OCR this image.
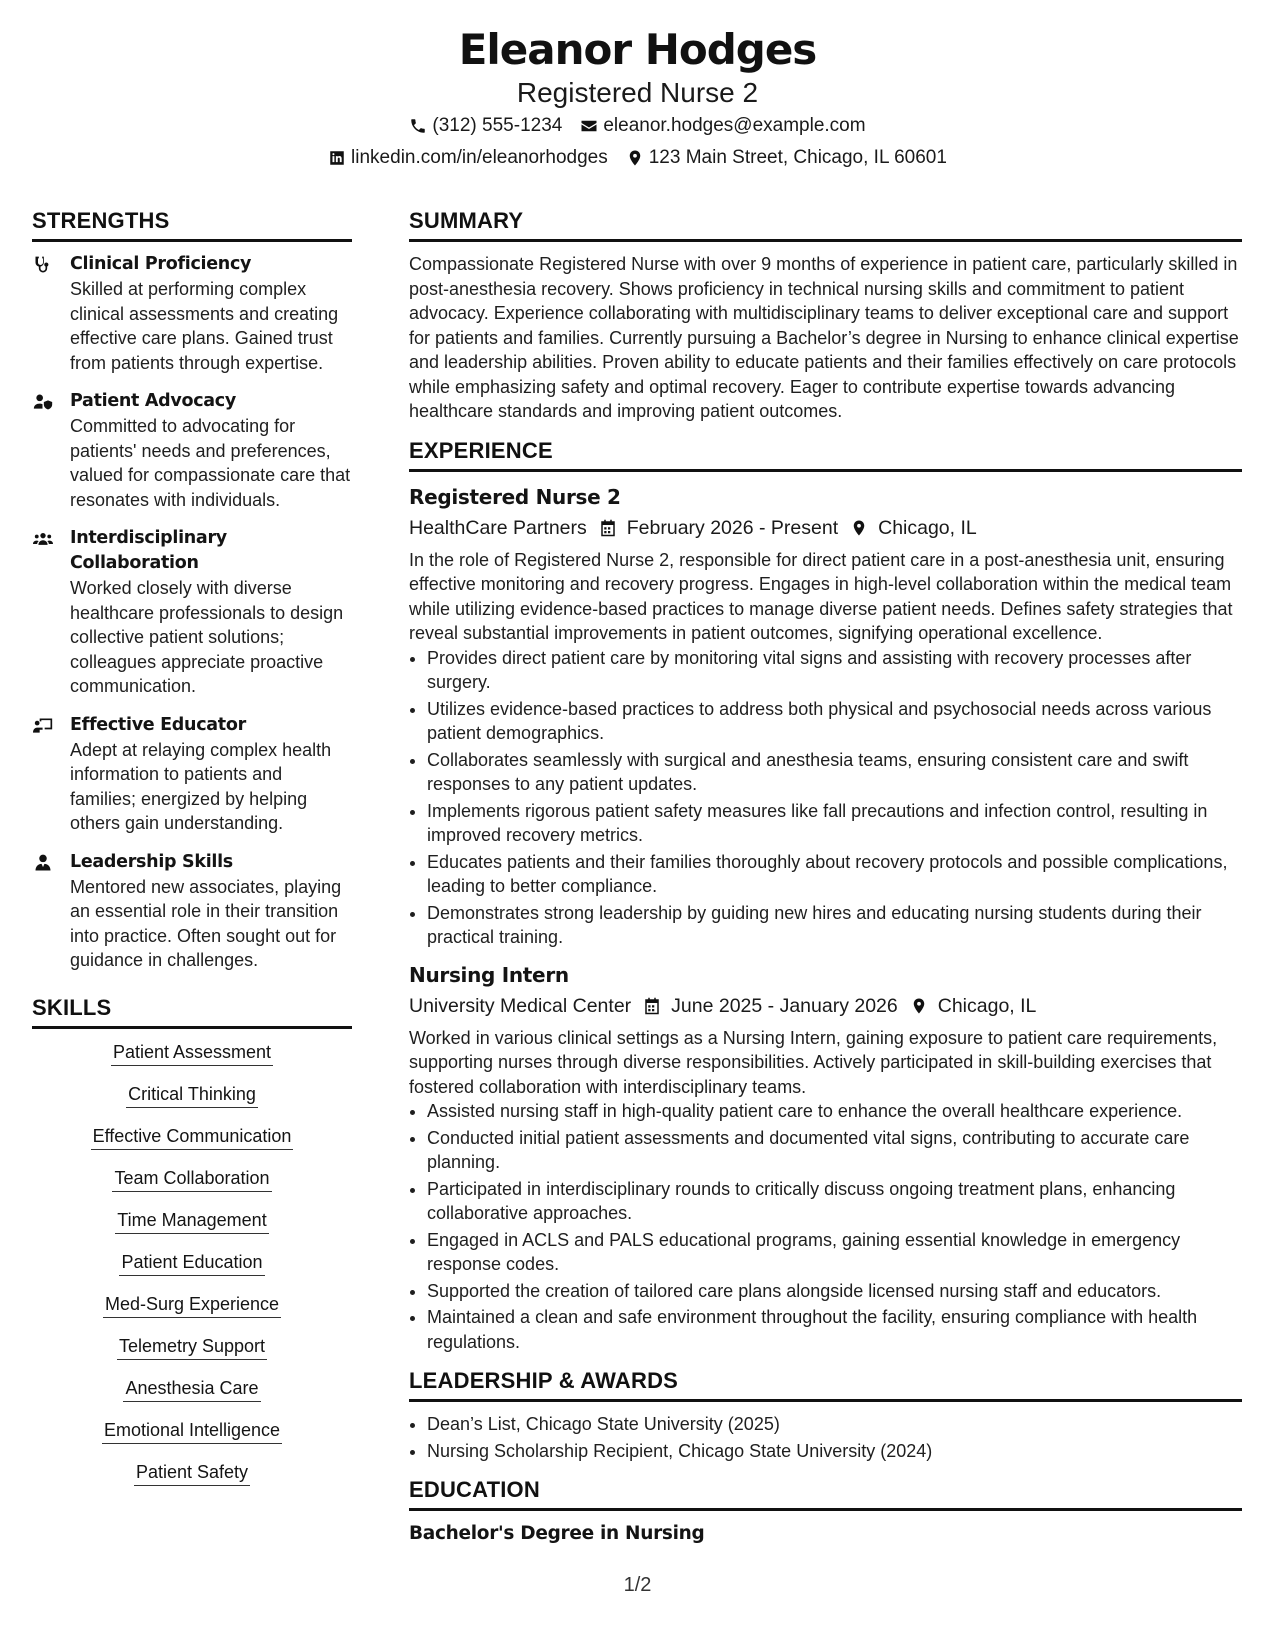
Eleanor Hodges
Registered Nurse 2
(312) 555-1234 eleanor.hodges@example.com
linkedin.com/in/eleanorhodges 123 Main Street, Chicago, IL 60601
STRENGTHS
Clinical Proficiency
Skilled at performing complex clinical assessments and creating effective care plans. Gained trust from patients through expertise.
Patient Advocacy
Committed to advocating for patients' needs and preferences, valued for compassionate care that resonates with individuals.
Interdisciplinary Collaboration
Worked closely with diverse healthcare professionals to design collective patient solutions; colleagues appreciate proactive communication.
Effective Educator
Adept at relaying complex health information to patients and families; energized by helping others gain understanding.
Leadership Skills
Mentored new associates, playing an essential role in their transition into practice. Often sought out for guidance in challenges.
SKILLS
Patient Assessment
Critical Thinking
Effective Communication
Team Collaboration
Time Management
Patient Education
Med-Surg Experience
Telemetry Support
Anesthesia Care
Emotional Intelligence
Patient Safety
SUMMARY
Compassionate Registered Nurse with over 9 months of experience in patient care, particularly skilled in post-anesthesia recovery. Shows proficiency in technical nursing skills and commitment to patient advocacy. Experience collaborating with multidisciplinary teams to deliver exceptional care and support for patients and families. Currently pursuing a Bachelor’s degree in Nursing to enhance clinical expertise and leadership abilities. Proven ability to educate patients and their families effectively on care protocols while emphasizing safety and optimal recovery. Eager to contribute expertise towards advancing healthcare standards and improving patient outcomes.
EXPERIENCE
Registered Nurse 2
HealthCare Partners February 2026 - Present Chicago, IL
In the role of Registered Nurse 2, responsible for direct patient care in a post-anesthesia unit, ensuring effective monitoring and recovery progress. Engages in high-level collaboration within the medical team while utilizing evidence-based practices to manage diverse patient needs. Defines safety strategies that reveal substantial improvements in patient outcomes, signifying operational excellence.
• Provides direct patient care by monitoring vital signs and assisting with recovery processes after surgery.
• Utilizes evidence-based practices to address both physical and psychosocial needs across various patient demographics.
• Collaborates seamlessly with surgical and anesthesia teams, ensuring consistent care and swift responses to any patient updates.
• Implements rigorous patient safety measures like fall precautions and infection control, resulting in improved recovery metrics.
• Educates patients and their families thoroughly about recovery protocols and possible complications, leading to better compliance.
• Demonstrates strong leadership by guiding new hires and educating nursing students during their practical training.
Nursing Intern
University Medical Center June 2025 - January 2026 Chicago, IL
Worked in various clinical settings as a Nursing Intern, gaining exposure to patient care requirements, supporting nurses through diverse responsibilities. Actively participated in skill-building exercises that fostered collaboration with interdisciplinary teams.
• Assisted nursing staff in high-quality patient care to enhance the overall healthcare experience.
• Conducted initial patient assessments and documented vital signs, contributing to accurate care planning.
• Participated in interdisciplinary rounds to critically discuss ongoing treatment plans, enhancing collaborative approaches.
• Engaged in ACLS and PALS educational programs, gaining essential knowledge in emergency response codes.
• Supported the creation of tailored care plans alongside licensed nursing staff and educators.
• Maintained a clean and safe environment throughout the facility, ensuring compliance with health regulations.
LEADERSHIP & AWARDS
• Dean’s List, Chicago State University (2025)
• Nursing Scholarship Recipient, Chicago State University (2024)
EDUCATION
Bachelor's Degree in Nursing
1/2
